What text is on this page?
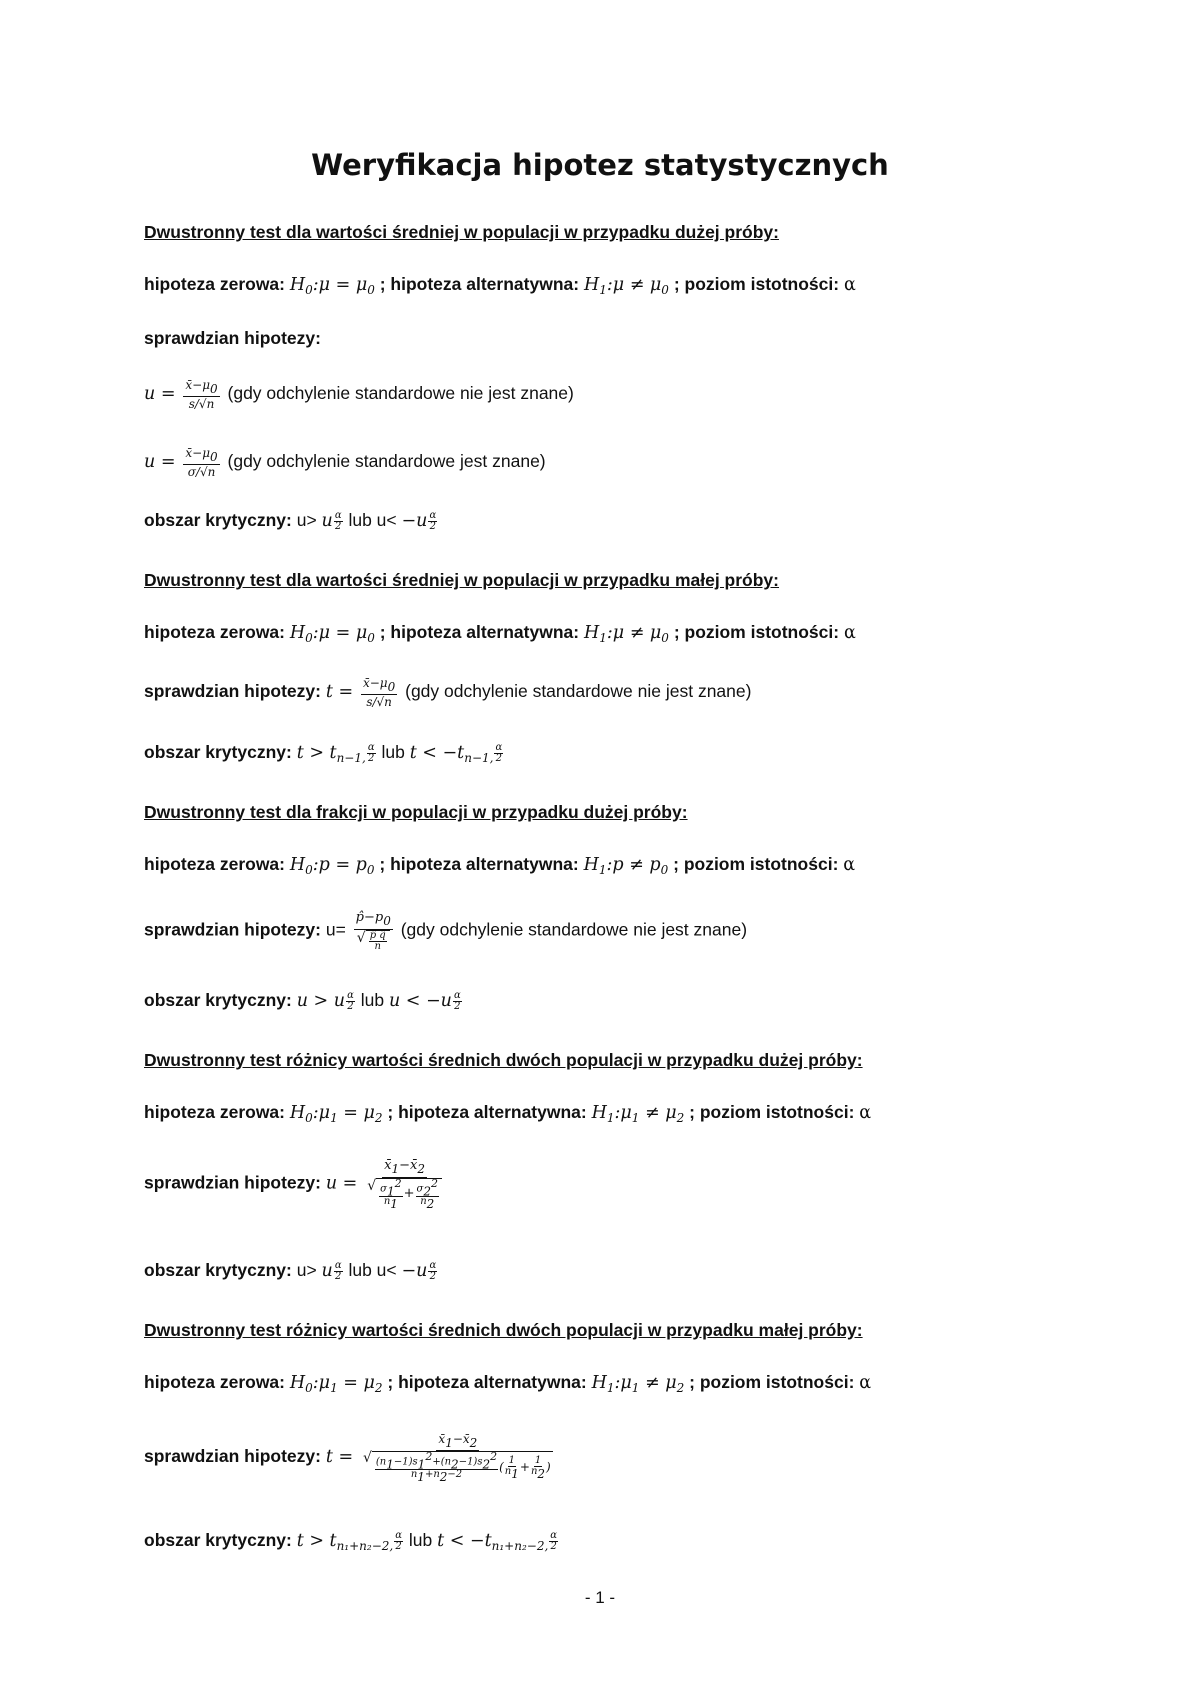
Weryfikacja hipotez statystycznych
Dwustronny test dla wartości średniej w populacji w przypadku dużej próby:
hipoteza zerowa: $H_0:\mu = \mu_0$ ; hipoteza alternatywna: $H_1:\mu \ne \mu_0$ ; poziom istotności: α
sprawdzian hipotezy:
$u = \frac{x̄-\mu_0}{s/√n} (gdy$ odchylenie standardowe nie jest znane)
$u = \frac{x̄-\mu_0}{\sigma/√n} (gdy$ odchylenie standardowe jest znane)
obszar krytyczny: u> u $\frac{\alpha}{2}$ lub $u< -u \frac{\alpha}{2}$
Dwustronny test dla wartości średniej w populacji w przypadku małej próby:
hipoteza zerowa: $H_0:\mu = \mu_0$ ; hipoteza alternatywna: $H_1:\mu \ne \mu_0$ ; poziom istotności: α
sprawdzian hipotezy: $t = \frac{x̄-\mu_0}{s/√n} (gdy$ odchylenie standardowe nie jest znane)
obszar krytyczny: $t > t_{n-1,} \frac{\alpha}{2}$ lub $t < -t_{n-1,} \frac{\alpha}{2}$
Dwustronny test dla frakcji w populacji w przypadku dużej próby:
hipoteza zerowa: $H_0:p = p_0$ ; hipoteza alternatywna: $H_1:p \ne p_0$ ; poziom istotności: α
sprawdzian hipotezy: $u= \frac{p̂-p_0}{√ \frac{p̂ q̂}{n}} (gdy$ odchylenie standardowe nie jest znane)
obszar krytyczny: u > u $\frac{\alpha}{2}$ lub $u < -u \frac{\alpha}{2}$
Dwustronny test różnicy wartości średnich dwóch populacji w przypadku dużej próby:
hipoteza zerowa: $H_0:\mu_1 = \mu_2$ ; hipoteza alternatywna: $H_1:\mu_1 \ne \mu_2$ ; poziom istotności: α
sprawdzian hipotezy: $u = \frac{x̄_1-x̄_2}{√ \frac{\sigma_1^2}{n_1} + \frac{\sigma_2^2}{n_2}}$
obszar krytyczny: u> u $\frac{\alpha}{2}$ lub $u< -u \frac{\alpha}{2}$
Dwustronny test różnicy wartości średnich dwóch populacji w przypadku małej próby:
hipoteza zerowa: $H_0:\mu_1 = \mu_2$ ; hipoteza alternatywna: $H_1:\mu_1 \ne \mu_2$ ; poziom istotności: α
sprawdzian hipotezy: $t = \frac{x̄_1-x̄_2}{√ \frac{(n_1-1)s_1^2+(n_2-1)s_2^2}{n_1+n_2-2} ( \frac{1}{n_1} + \frac{1}{n_2} )}$
obszar krytyczny: $t > t_{n_1+n_2-2,} \frac{\alpha}{2}$ lub $t < -t_{n_1+n_2-2,} \frac{\alpha}{2}$
- 1 -
